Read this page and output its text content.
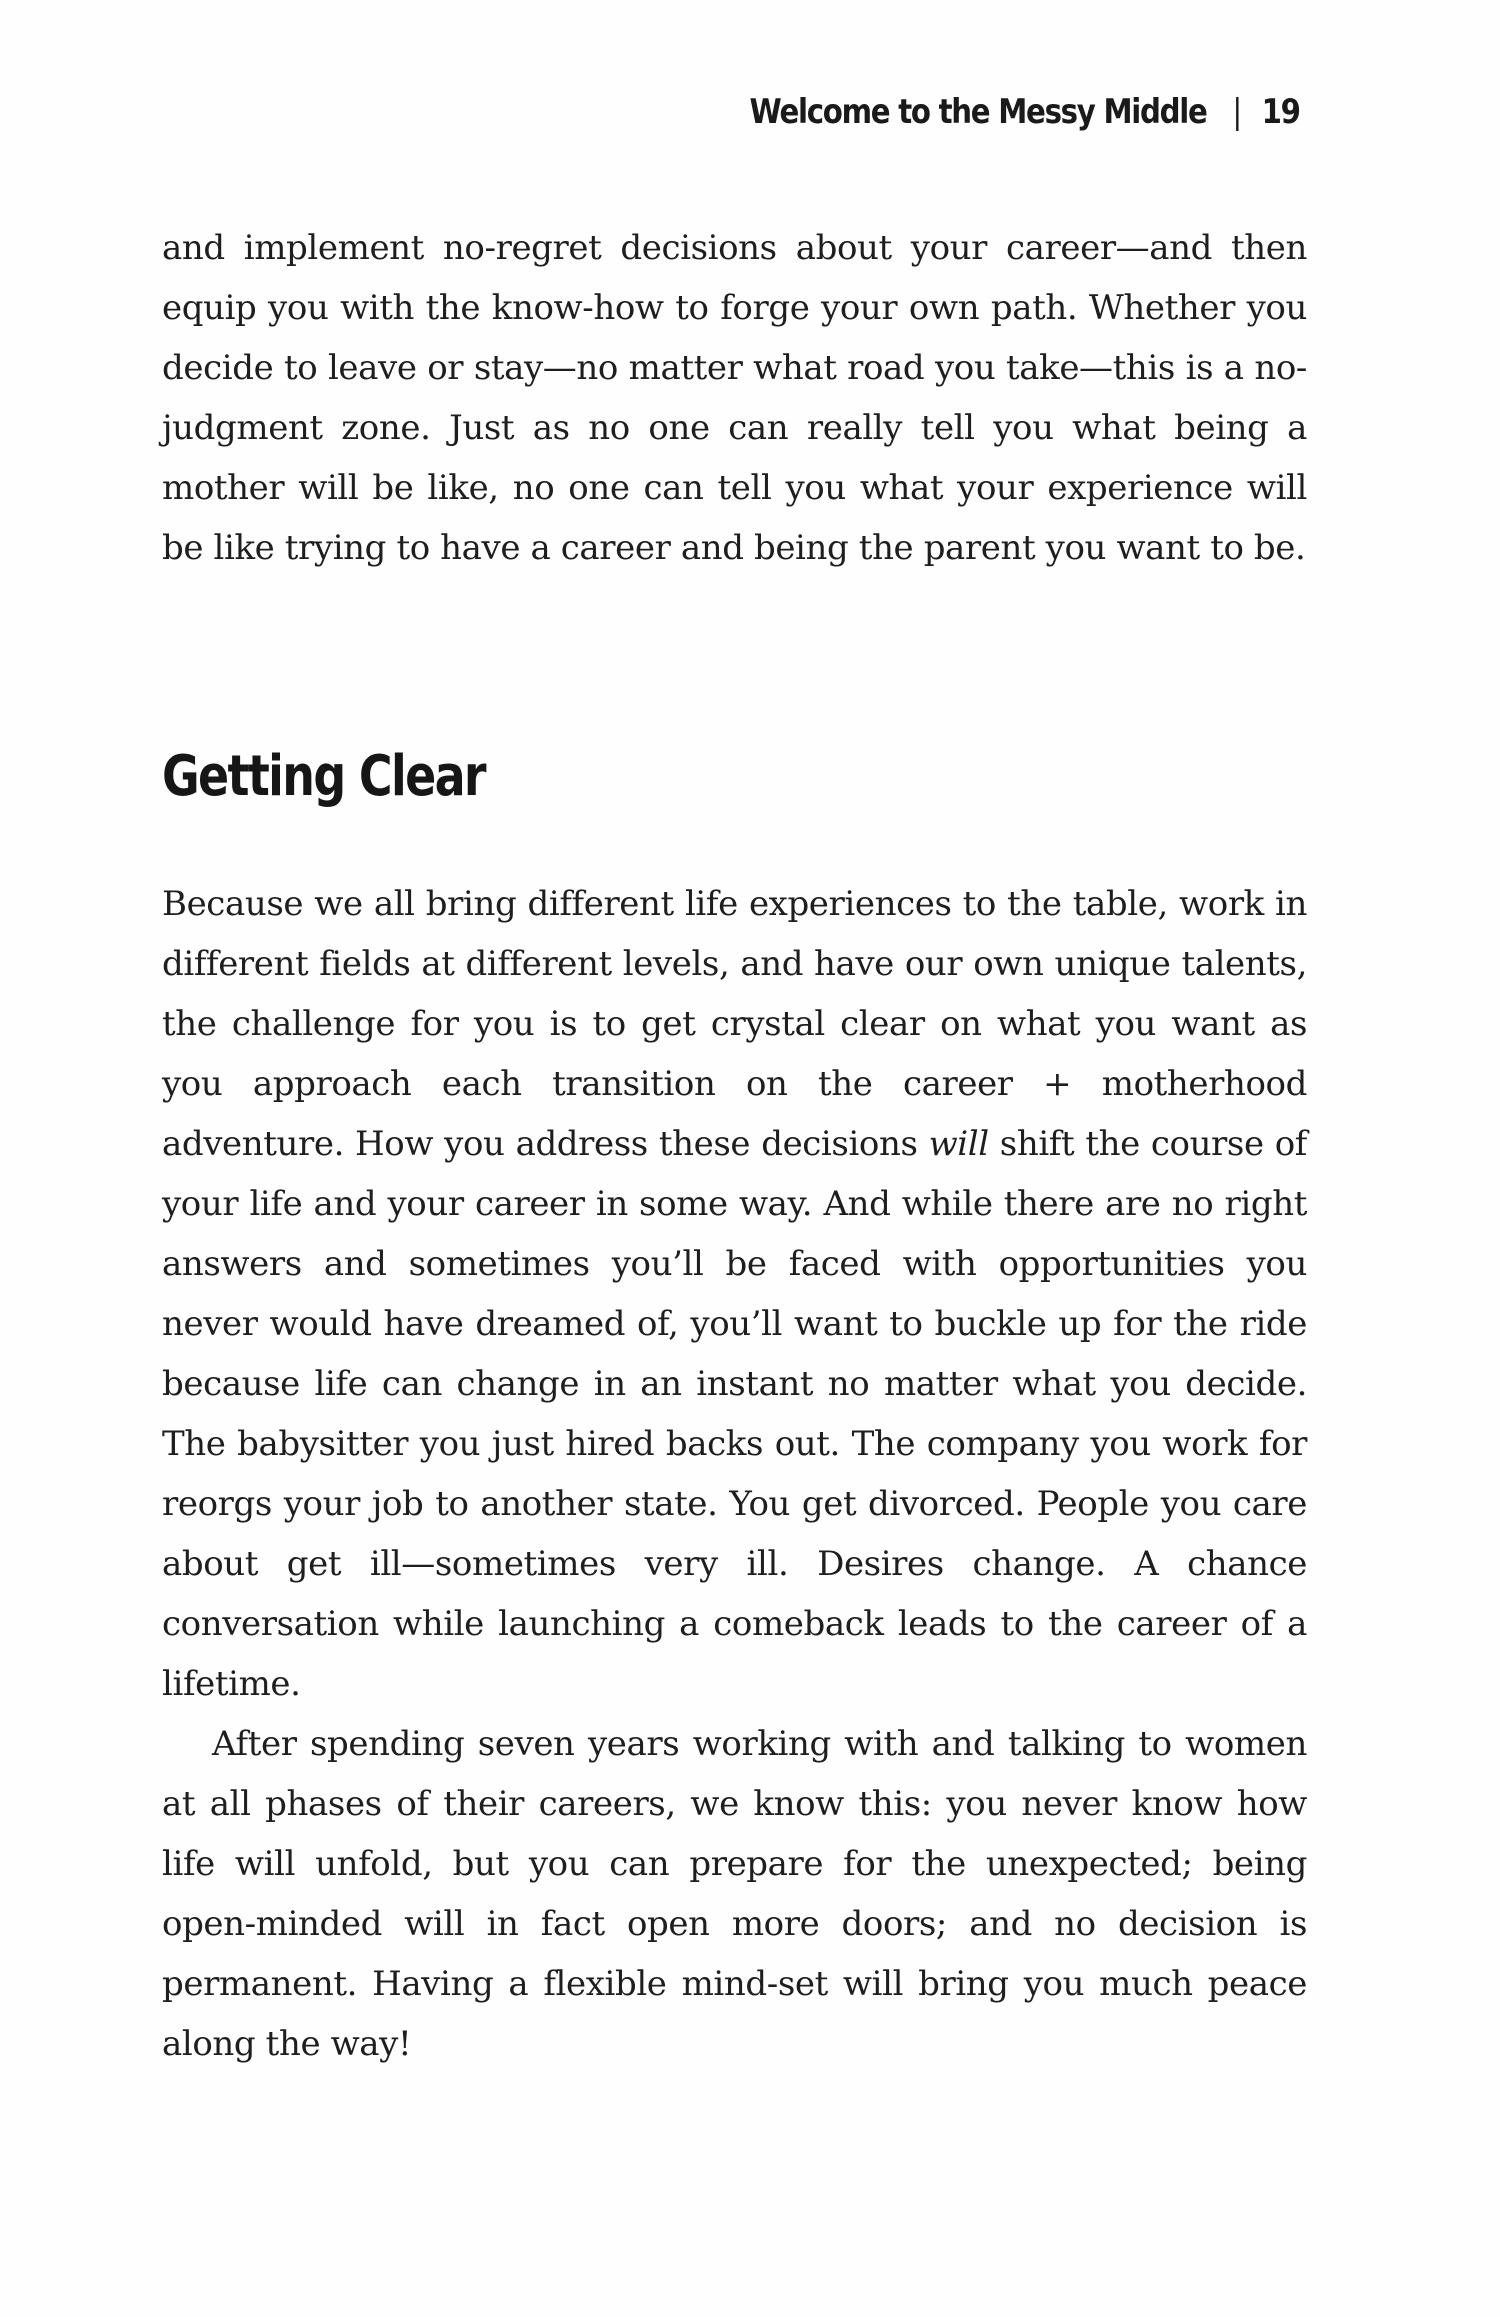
Welcome to the Messy Middle | 19

and implement no-regret decisions about your career—and then equip you with the know-how to forge your own path. Whether you decide to leave or stay—no matter what road you take—this is a no-judgment zone. Just as no one can really tell you what being a mother will be like, no one can tell you what your experience will be like trying to have a career and being the parent you want to be.

Getting Clear

Because we all bring different life experiences to the table, work in different fields at different levels, and have our own unique talents, the challenge for you is to get crystal clear on what you want as you approach each transition on the career + motherhood adventure. How you address these decisions will shift the course of your life and your career in some way. And while there are no right answers and sometimes you’ll be faced with opportunities you never would have dreamed of, you’ll want to buckle up for the ride because life can change in an instant no matter what you decide. The babysitter you just hired backs out. The company you work for reorgs your job to another state. You get divorced. People you care about get ill—sometimes very ill. Desires change. A chance conversation while launching a comeback leads to the career of a lifetime.

After spending seven years working with and talking to women at all phases of their careers, we know this: you never know how life will unfold, but you can prepare for the unexpected; being open-minded will in fact open more doors; and no decision is permanent. Having a flexible mind-set will bring you much peace along the way!
